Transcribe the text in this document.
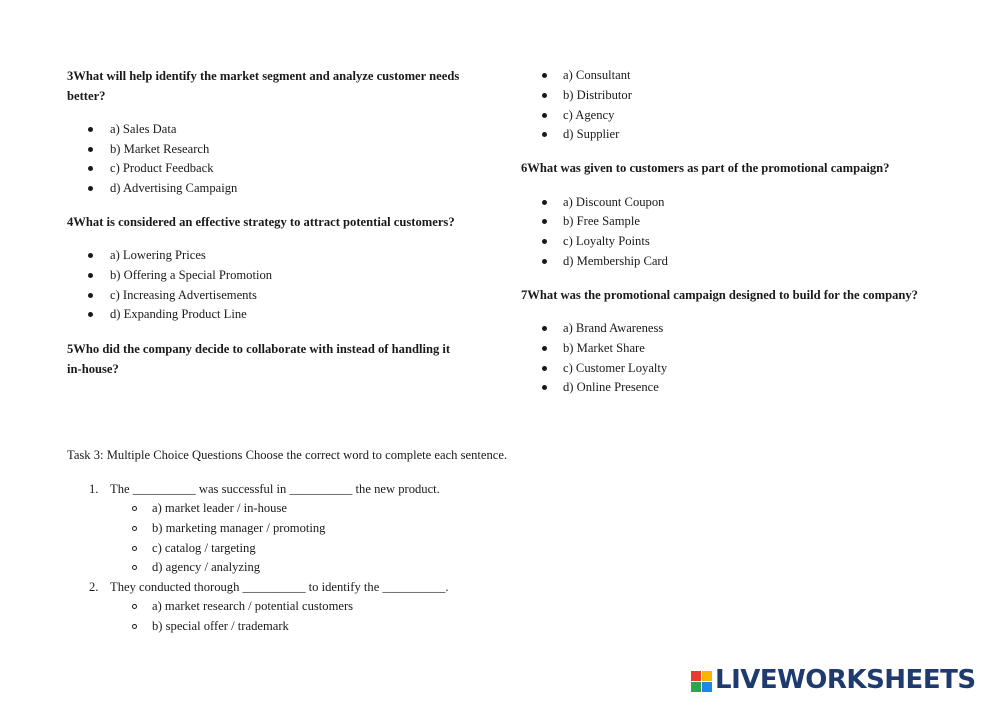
3What will help identify the market segment and analyze customer needs
better?
a) Sales Data
b) Market Research
c) Product Feedback
d) Advertising Campaign
4What is considered an effective strategy to attract potential customers?
a) Lowering Prices
b) Offering a Special Promotion
c) Increasing Advertisements
d) Expanding Product Line
5Who did the company decide to collaborate with instead of handling it
in-house?
a) Consultant
b) Distributor
c) Agency
d) Supplier
6What was given to customers as part of the promotional campaign?
a) Discount Coupon
b) Free Sample
c) Loyalty Points
d) Membership Card
7What was the promotional campaign designed to build for the company?
a) Brand Awareness
b) Market Share
c) Customer Loyalty
d) Online Presence
Task 3: Multiple Choice Questions Choose the correct word to complete each sentence.
1. The __________ was successful in __________ the new product.
a) market leader / in-house
b) marketing manager / promoting
c) catalog / targeting
d) agency / analyzing
2. They conducted thorough __________ to identify the __________.
a) market research / potential customers
b) special offer / trademark
LIVEWORKSHEETS
